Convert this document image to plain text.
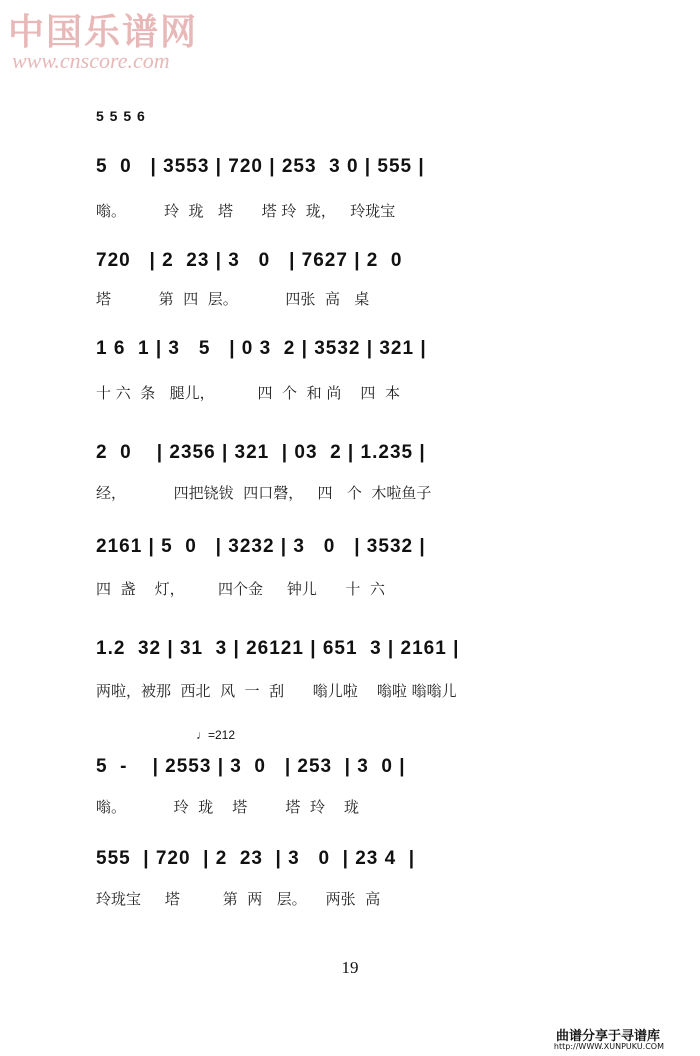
中国乐谱网
www.cnscore.com
5 5 5 6
5  0   | 3553 | 720 | 253  3 0 | 555 |
嗡。        玲  珑   塔      塔 玲  珑，   玲珑宝
720   | 2  23 | 3   0   | 7627 | 2  0
塔          第  四  层。          四张  高   桌
1 6  1 | 3   5   | 0 3  2 | 3532 | 321 |
十 六  条   腿儿，         四  个  和 尚    四  本
2  0    | 2356 | 321  | 03  2 | 1.235 |
经，          四把铙钹  四口磬，   四   个  木啦鱼子
2161 | 5  0   | 3232 | 3   0   | 3532 |
四  盏    灯，       四个金     钟儿      十  六
1.2  32 | 31  3 | 26121 | 651  3 | 2161 |
两啦，被那  西北  风  一  刮      嗡儿啦    嗡啦 嗡嗡儿
♩=212
5  -    | 2553 | 3  0   | 253  | 3  0 |
嗡。          玲  珑    塔        塔  玲    珑
555  | 720  | 2  23  | 3   0  | 23 4  |
玲珑宝     塔         第  两   层。    两张  高
19
曲谱分享于寻谱库
http://WWW.XUNPUKU.COM
